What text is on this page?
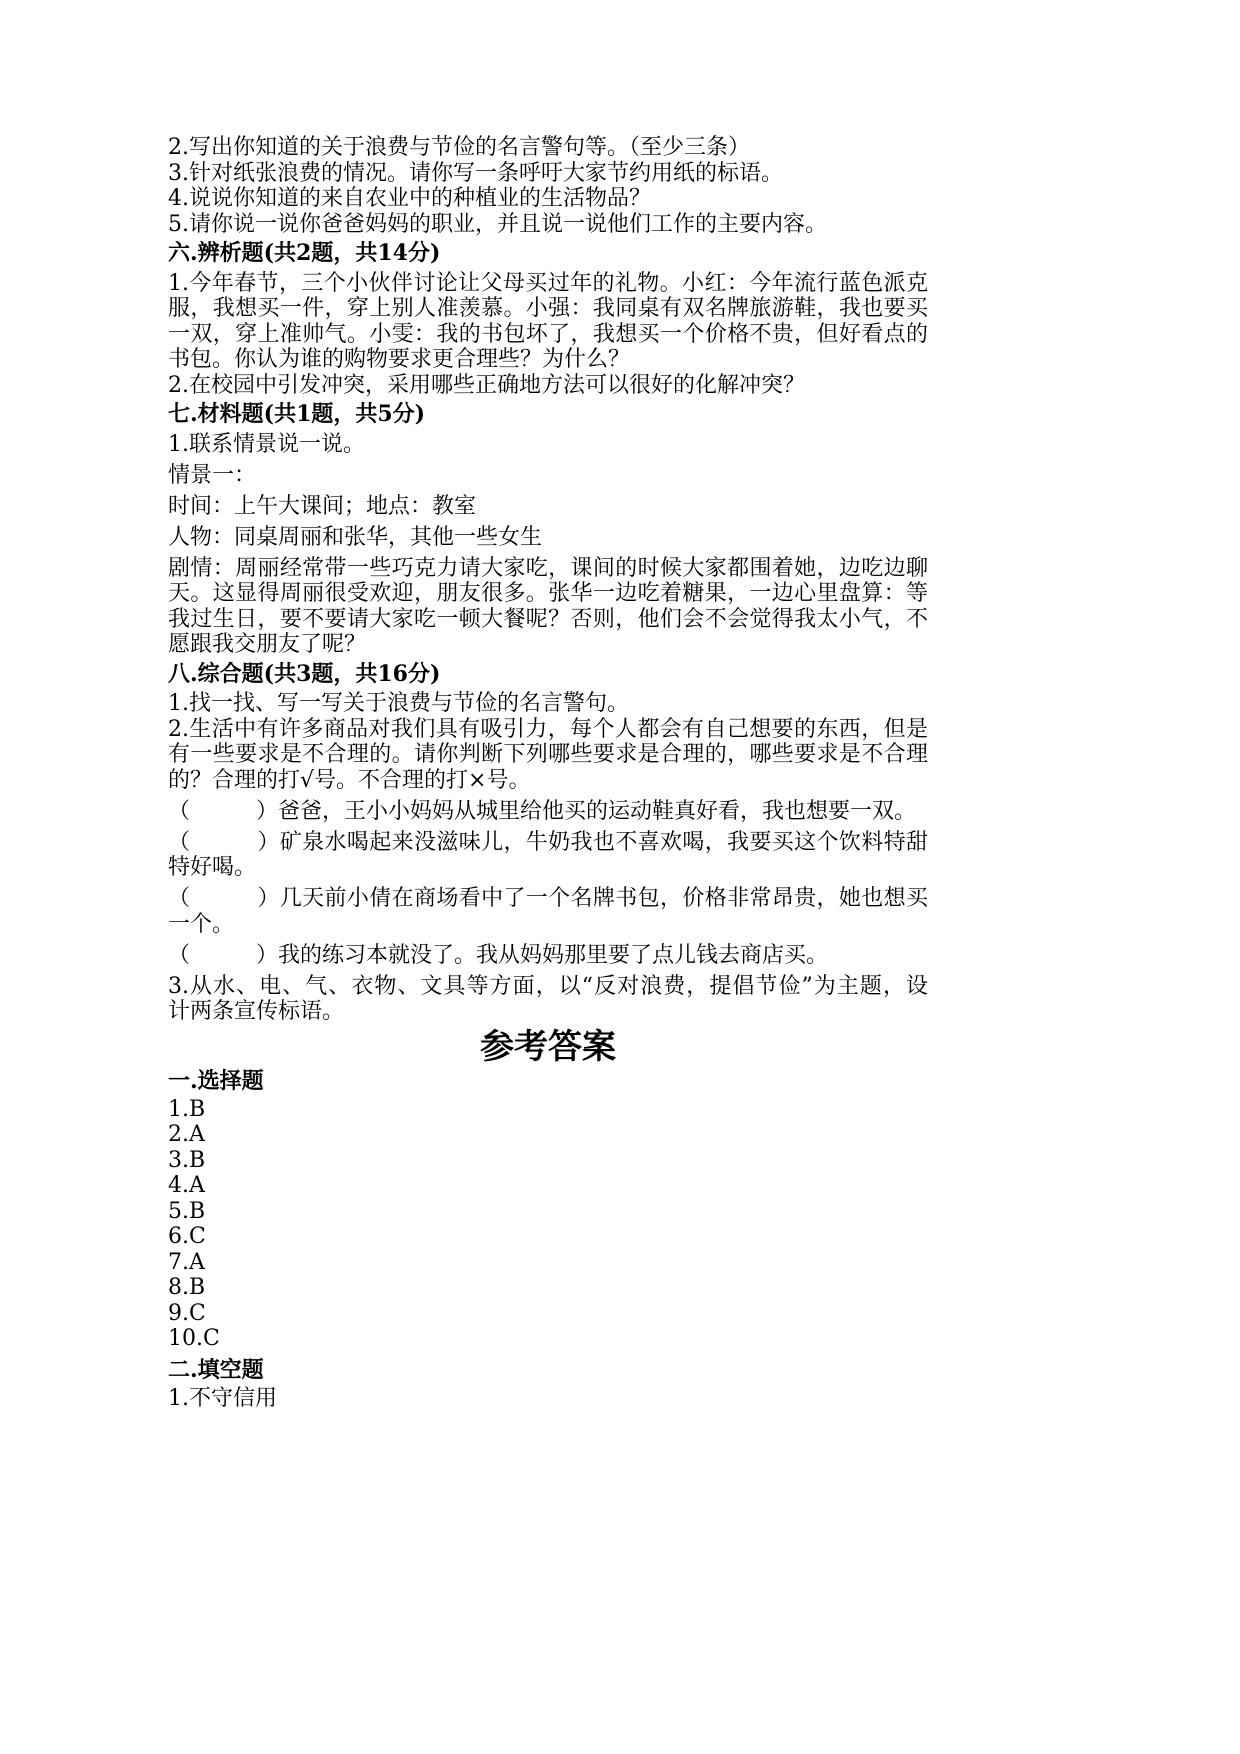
2.写出你知道的关于浪费与节俭的名言警句等。（至少三条）
3.针对纸张浪费的情况。请你写一条呼吁大家节约用纸的标语。
4.说说你知道的来自农业中的种植业的生活物品？
5.请你说一说你爸爸妈妈的职业，并且说一说他们工作的主要内容。
六.辨析题(共2题，共14分)
1.今年春节，三个小伙伴讨论让父母买过年的礼物。小红：今年流行蓝色派克
服，我想买一件，穿上别人准羡慕。小强：我同桌有双名牌旅游鞋，我也要买
一双，穿上准帅气。小雯：我的书包坏了，我想买一个价格不贵，但好看点的
书包。你认为谁的购物要求更合理些？为什么？
2.在校园中引发冲突，采用哪些正确地方法可以很好的化解冲突？
七.材料题(共1题，共5分)
1.联系情景说一说。
情景一：
时间：上午大课间；地点：教室
人物：同桌周丽和张华，其他一些女生
剧情：周丽经常带一些巧克力请大家吃，课间的时候大家都围着她，边吃边聊
天。这显得周丽很受欢迎，朋友很多。张华一边吃着糖果，一边心里盘算：等
我过生日，要不要请大家吃一顿大餐呢？否则，他们会不会觉得我太小气，不
愿跟我交朋友了呢？
八.综合题(共3题，共16分)
1.找一找、写一写关于浪费与节俭的名言警句。
2.生活中有许多商品对我们具有吸引力，每个人都会有自己想要的东西，但是
有一些要求是不合理的。请你判断下列哪些要求是合理的，哪些要求是不合理
的？合理的打√号。不合理的打×号。
（　　　）爸爸，王小小妈妈从城里给他买的运动鞋真好看，我也想要一双。
（　　　）矿泉水喝起来没滋味儿，牛奶我也不喜欢喝，我要买这个饮料特甜
特好喝。
（　　　）几天前小倩在商场看中了一个名牌书包，价格非常昂贵，她也想买
一个。
（　　　）我的练习本就没了。我从妈妈那里要了点儿钱去商店买。
3.从水、电、气、衣物、文具等方面，以“反对浪费，提倡节俭”为主题，设
计两条宣传标语。
参考答案
一.选择题
1.B
2.A
3.B
4.A
5.B
6.C
7.A
8.B
9.C
10.C
二.填空题
1.不守信用
